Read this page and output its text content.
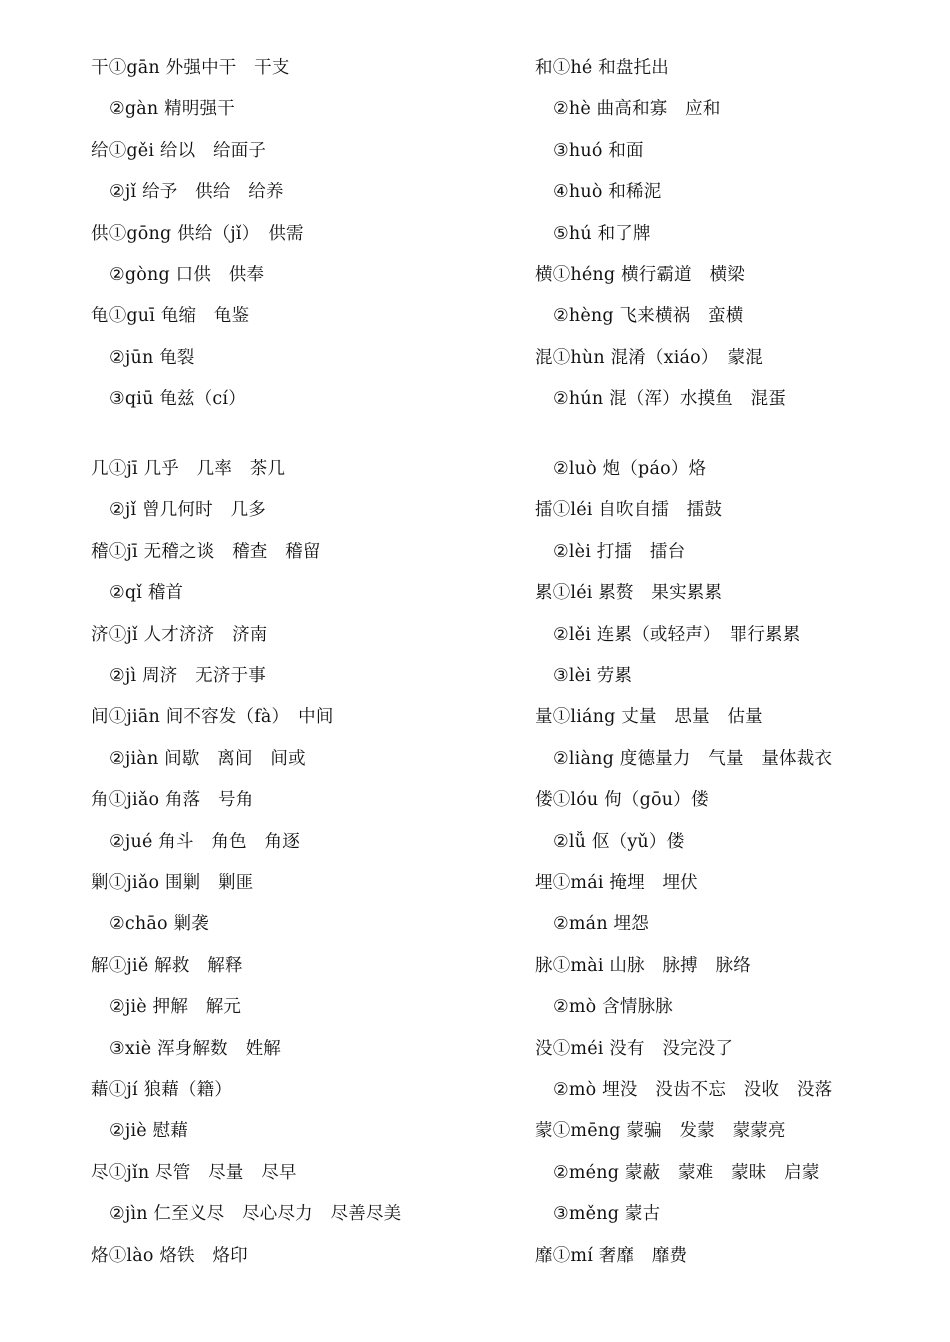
干①gān 外强中干　干支
②gàn 精明强干
给①gěi 给以　给面子
②jǐ 给予　供给　给养
供①gōng 供给（jǐ）　供需
②gòng 口供　供奉
龟①guī 龟缩　龟鉴
②jūn 龟裂
③qiū 龟兹（cí）
几①jī 几乎　几率　茶几
②jǐ 曾几何时　几多
稽①jī 无稽之谈　稽查　稽留
②qǐ 稽首
济①jǐ 人才济济　济南
②jì 周济　无济于事
间①jiān 间不容发（fà）　中间
②jiàn 间歇　离间　间或
角①jiǎo 角落　号角
②jué 角斗　角色　角逐
剿①jiǎo 围剿　剿匪
②chāo 剿袭
解①jiě 解救　解释
②jiè 押解　解元
③xiè 浑身解数　姓解
藉①jí 狼藉（籍）
②jiè 慰藉
尽①jǐn 尽管　尽量　尽早
②jìn 仁至义尽　尽心尽力　尽善尽美
烙①lào 烙铁　烙印
和①hé 和盘托出
②hè 曲高和寡　应和
③huó 和面
④huò 和稀泥
⑤hú 和了牌
横①héng 横行霸道　横梁
②hèng 飞来横祸　蛮横
混①hùn 混淆（xiáo）　蒙混
②hún 混（浑）水摸鱼　混蛋
②luò 炮（páo）烙
擂①léi 自吹自擂　擂鼓
②lèi 打擂　擂台
累①léi 累赘　果实累累
②lěi 连累（或轻声）　罪行累累
③lèi 劳累
量①liáng 丈量　思量　估量
②liàng 度德量力　气量　量体裁衣
偻①lóu 佝（gōu）偻
②lǚ 伛（yǔ）偻
埋①mái 掩埋　埋伏
②mán 埋怨
脉①mài 山脉　脉搏　脉络
②mò 含情脉脉
没①méi 没有　没完没了
②mò 埋没　没齿不忘　没收　没落
蒙①mēng 蒙骗　发蒙　蒙蒙亮
②méng 蒙蔽　蒙难　蒙昧　启蒙
③měng 蒙古
靡①mí 奢靡　靡费
